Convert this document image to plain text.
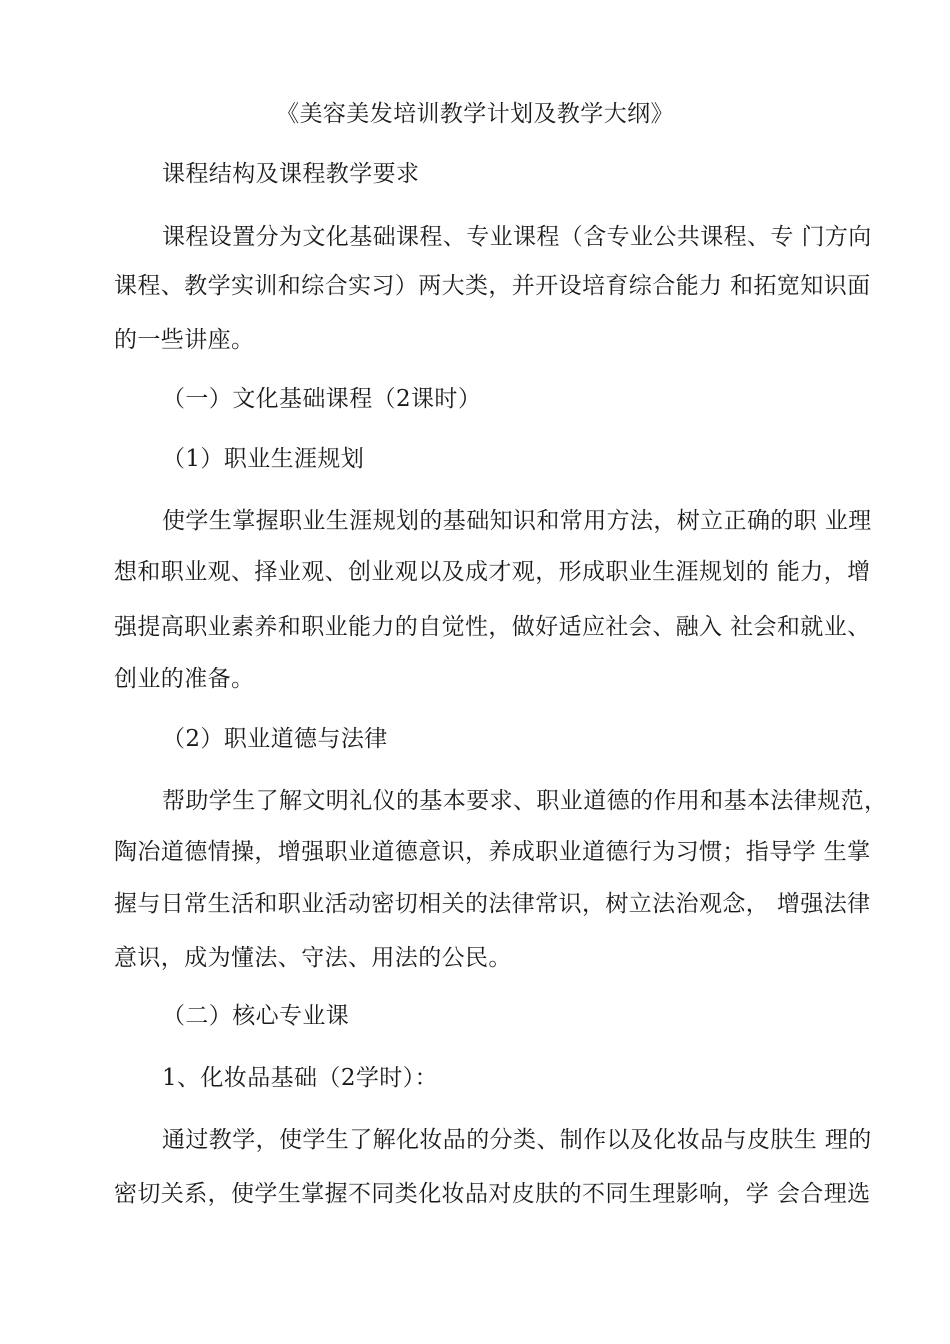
《美容美发培训教学计划及教学大纲》

课程结构及课程教学要求

课程设置分为文化基础课程、专业课程（含专业公共课程、专 门方向

课程、教学实训和综合实习）两大类，并开设培育综合能力 和拓宽知识面

的一些讲座。

（一）文化基础课程（2课时）

（1）职业生涯规划

使学生掌握职业生涯规划的基础知识和常用方法，树立正确的职 业理

想和职业观、择业观、创业观以及成才观，形成职业生涯规划的 能力，增

强提高职业素养和职业能力的自觉性，做好适应社会、融入 社会和就业、

创业的准备。

（2）职业道德与法律

帮助学生了解文明礼仪的基本要求、职业道德的作用和基本法律规范，

陶冶道德情操，增强职业道德意识，养成职业道德行为习惯；指导学 生掌

握与日常生活和职业活动密切相关的法律常识，树立法治观念， 增强法律

意识，成为懂法、守法、用法的公民。

（二）核心专业课

1、化妆品基础（2学时）：

通过教学，使学生了解化妆品的分类、制作以及化妆品与皮肤生 理的

密切关系，使学生掌握不同类化妆品对皮肤的不同生理影响，学 会合理选
